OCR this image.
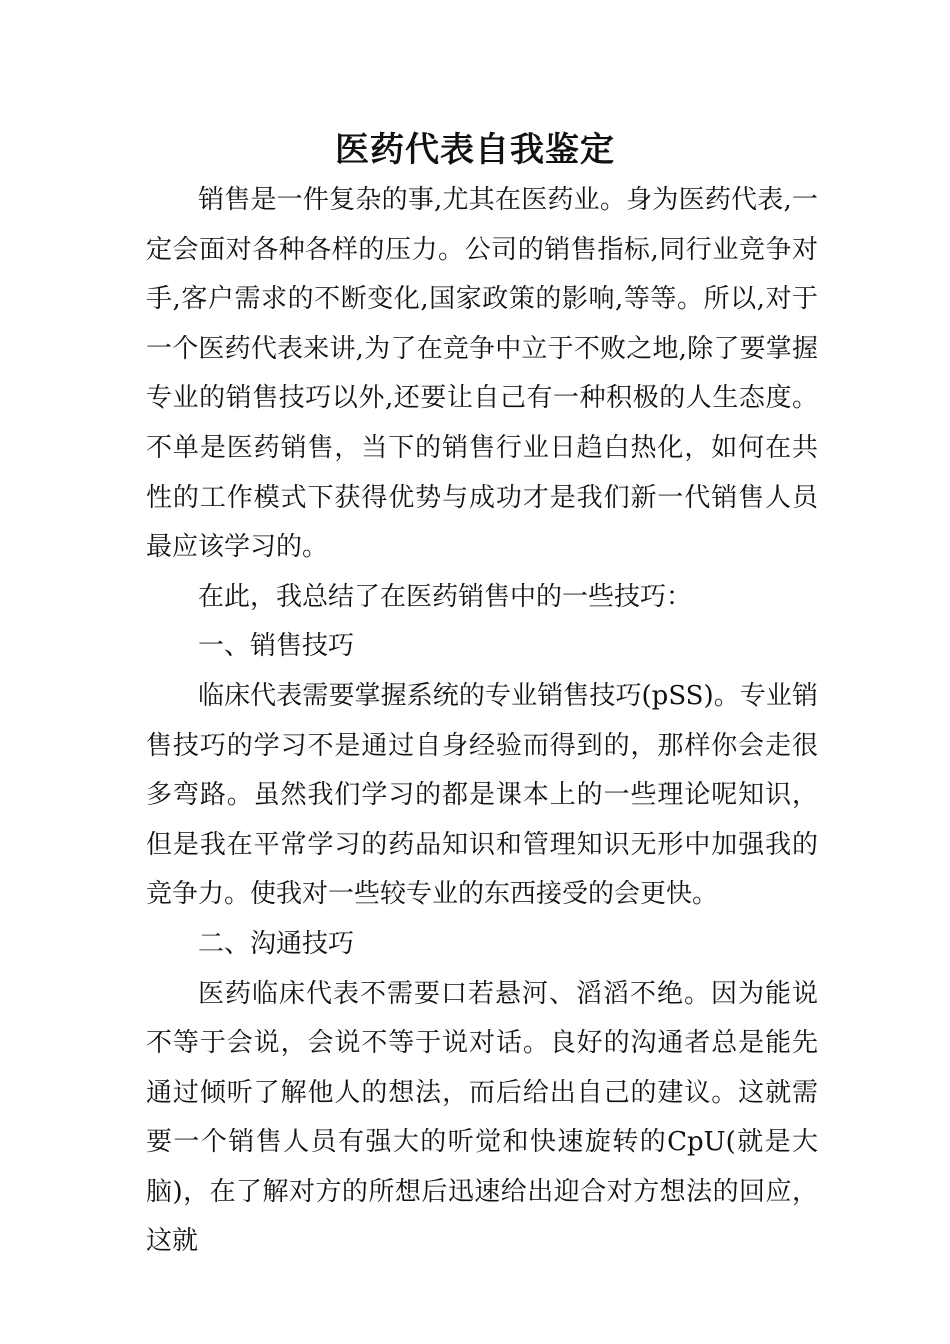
医药代表自我鉴定

销售是一件复杂的事,尤其在医药业。身为医药代表,一定会面对各种各样的压力。公司的销售指标,同行业竞争对手,客户需求的不断变化,国家政策的影响,等等。所以,对于一个医药代表来讲,为了在竞争中立于不败之地,除了要掌握专业的销售技巧以外,还要让自己有一种积极的人生态度。不单是医药销售，当下的销售行业日趋白热化，如何在共性的工作模式下获得优势与成功才是我们新一代销售人员最应该学习的。

在此，我总结了在医药销售中的一些技巧：

一、销售技巧

临床代表需要掌握系统的专业销售技巧(pSS)。专业销售技巧的学习不是通过自身经验而得到的，那样你会走很多弯路。虽然我们学习的都是课本上的一些理论呢知识，但是我在平常学习的药品知识和管理知识无形中加强我的竞争力。使我对一些较专业的东西接受的会更快。

二、沟通技巧

医药临床代表不需要口若悬河、滔滔不绝。因为能说不等于会说，会说不等于说对话。良好的沟通者总是能先通过倾听了解他人的想法，而后给出自己的建议。这就需要一个销售人员有强大的听觉和快速旋转的CpU(就是大脑)，在了解对方的所想后迅速给出迎合对方想法的回应，这就
